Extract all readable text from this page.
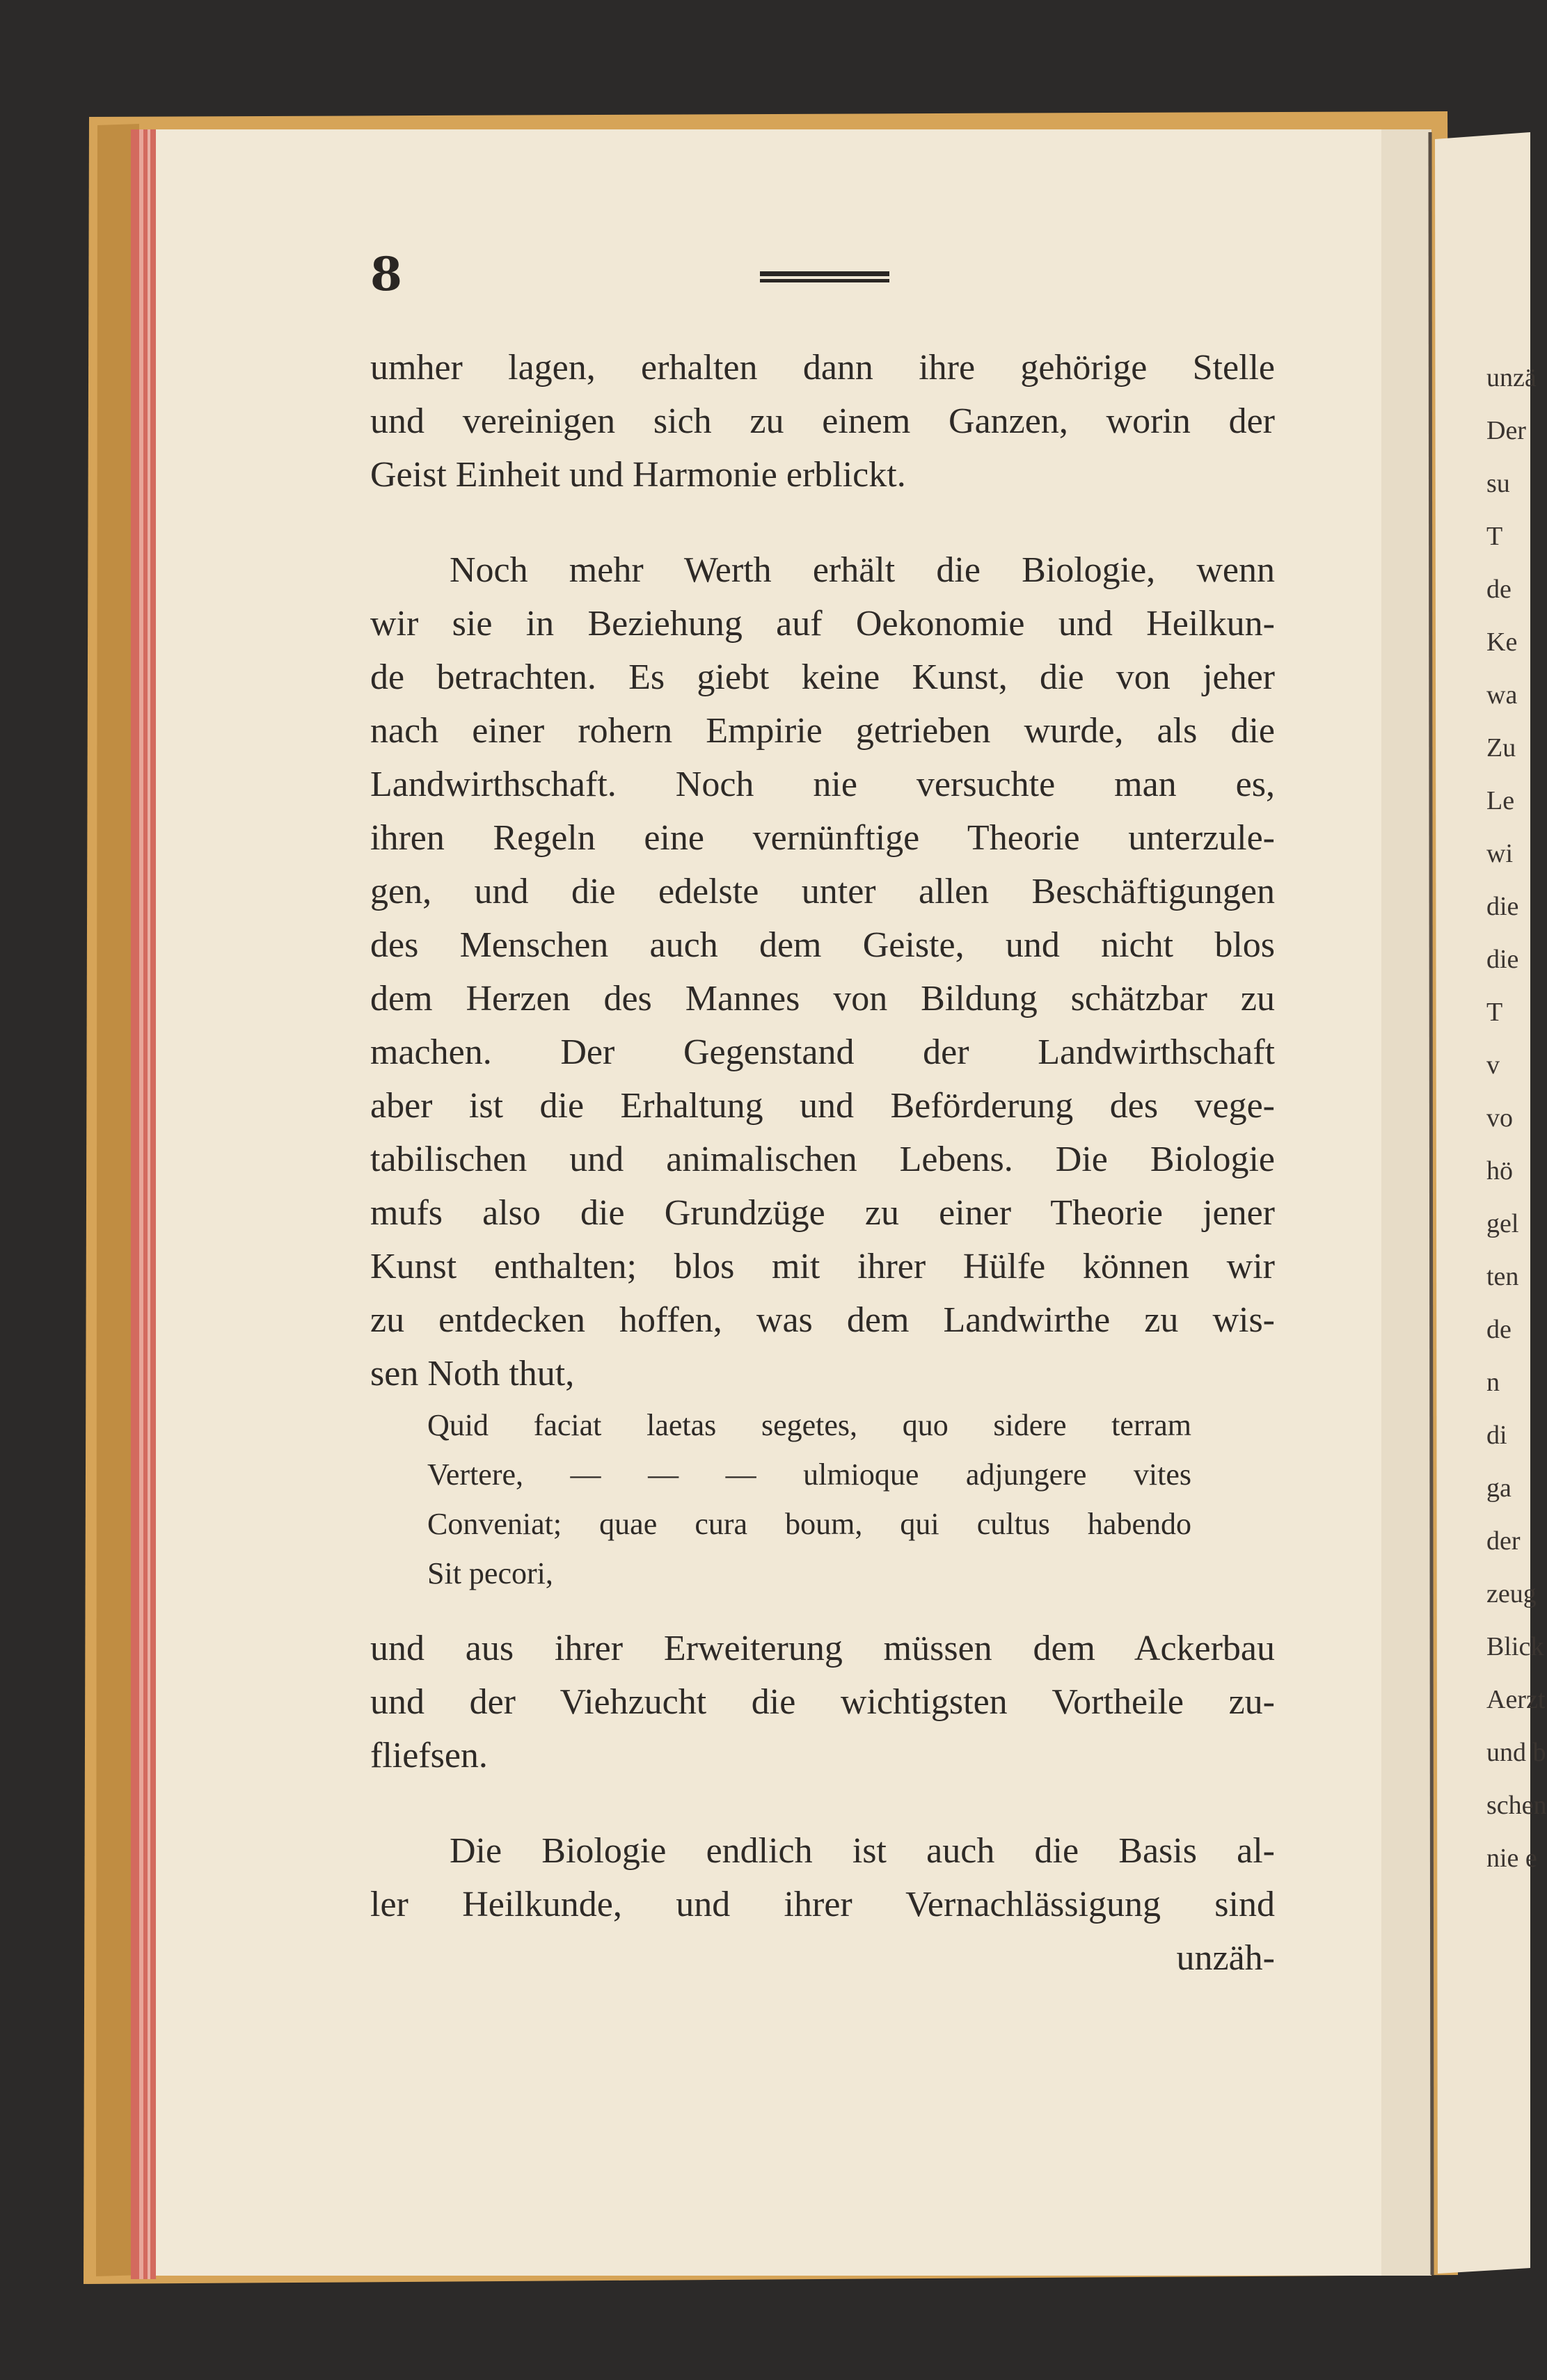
8
umher lagen, erhalten dann ihre gehörige Stelle
und vereinigen sich zu einem Ganzen, worin der
Geist Einheit und Harmonie erblickt.
Noch mehr Werth erhält die Biologie, wenn
wir sie in Beziehung auf Oekonomie und Heilkun-
de betrachten. Es giebt keine Kunst, die von jeher
nach einer rohern Empirie getrieben wurde, als die
Landwirthschaft. Noch nie versuchte man es,
ihren Regeln eine vernünftige Theorie unterzule-
gen, und die edelste unter allen Beschäftigungen
des Menschen auch dem Geiste, und nicht blos
dem Herzen des Mannes von Bildung schätzbar zu
machen. Der Gegenstand der Landwirthschaft
aber ist die Erhaltung und Beförderung des vege-
tabilischen und animalischen Lebens. Die Biologie
mufs also die Grundzüge zu einer Theorie jener
Kunst enthalten; blos mit ihrer Hülfe können wir
zu entdecken hoffen, was dem Landwirthe zu wis-
sen Noth thut,
Quid faciat laetas segetes, quo sidere terram
Vertere, — — — ulmioque adjungere vites
Conveniat; quae cura boum, qui cultus habendo
Sit pecori,
und aus ihrer Erweiterung müssen dem Ackerbau
und der Viehzucht die wichtigsten Vortheile zu-
fliefsen.
Die Biologie endlich ist auch die Basis al-
ler Heilkunde, und ihrer Vernachlässigung sind
unzäh-
unzä
Der
su
T
de
Ke
wa
Zu
Le
wi
die
die
T
v
vo
hö
gel
ten
de
n
di
ga
der
zeug
Blick
Aerzt
und b
schen
nie e
